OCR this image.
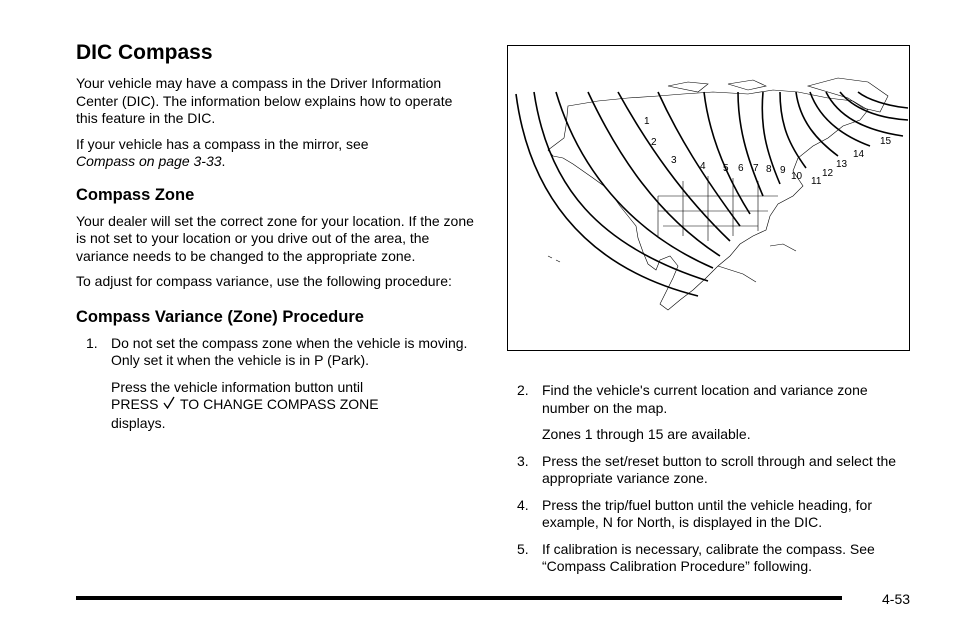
DIC Compass

Your vehicle may have a compass in the Driver Information Center (DIC). The information below explains how to operate this feature in the DIC.

If your vehicle has a compass in the mirror, see
Compass on page 3-33.

Compass Zone

Your dealer will set the correct zone for your location. If the zone is not set to your location or you drive out of the area, the variance needs to be changed to the appropriate zone.

To adjust for compass variance, use the following procedure:

Compass Variance (Zone) Procedure
1. Do not set the compass zone when the vehicle is moving. Only set it when the vehicle is in P (Park).

Press the vehicle information button until
PRESS TO CHANGE COMPASS ZONE
displays.

1
2
3
4 5 6 7 8 9
10 11
12
13
14
15
2. Find the vehicle's current location and variance zone number on the map.

Zones 1 through 15 are available.

3. Press the set/reset button to scroll through and select the appropriate variance zone.

4. Press the trip/fuel button until the vehicle heading, for example, N for North, is displayed in the DIC.

5. If calibration is necessary, calibrate the compass. See “Compass Calibration Procedure” following.

4-53
